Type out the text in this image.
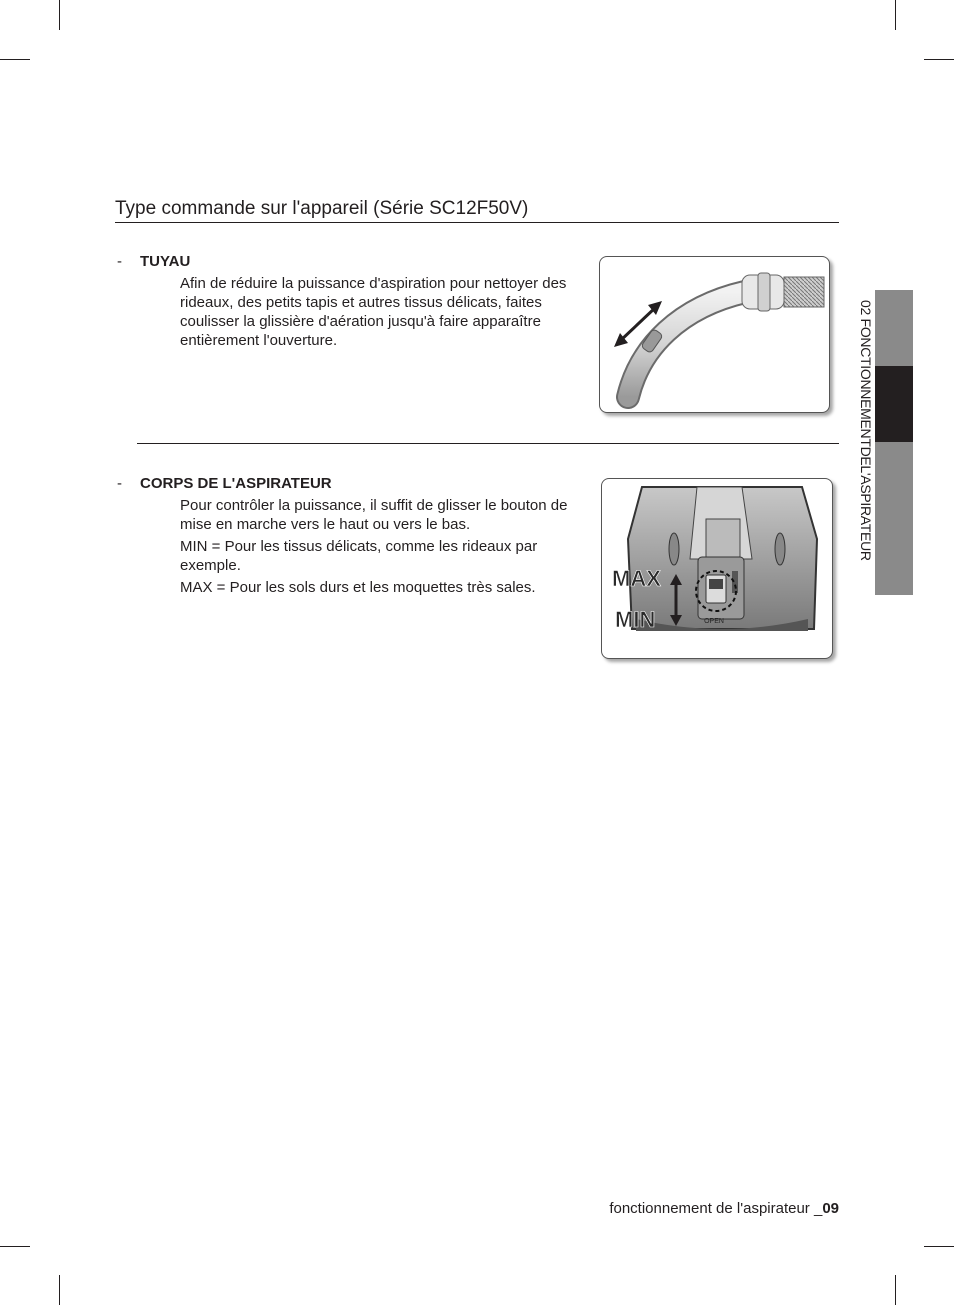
Type commande sur l'appareil (Série SC12F50V)
- TUYAU

Afin de réduire la puissance d'aspiration pour nettoyer des rideaux, des petits tapis et autres tissus délicats, faites coulisser la glissière d'aération jusqu'à faire apparaître entièrement l'ouverture.

- CORPS DE L'ASPIRATEUR

Pour contrôler la puissance, il suffit de glisser le bouton de mise en marche vers le haut ou vers le bas.

MIN = Pour les tissus délicats, comme les rideaux par exemple.

MAX = Pour les sols durs et les moquettes très sales.

OPEN
MAX
MIN
02 FONCTIONNEMENTDEL'ASPIRATEUR
fonctionnement de l'aspirateur _09
